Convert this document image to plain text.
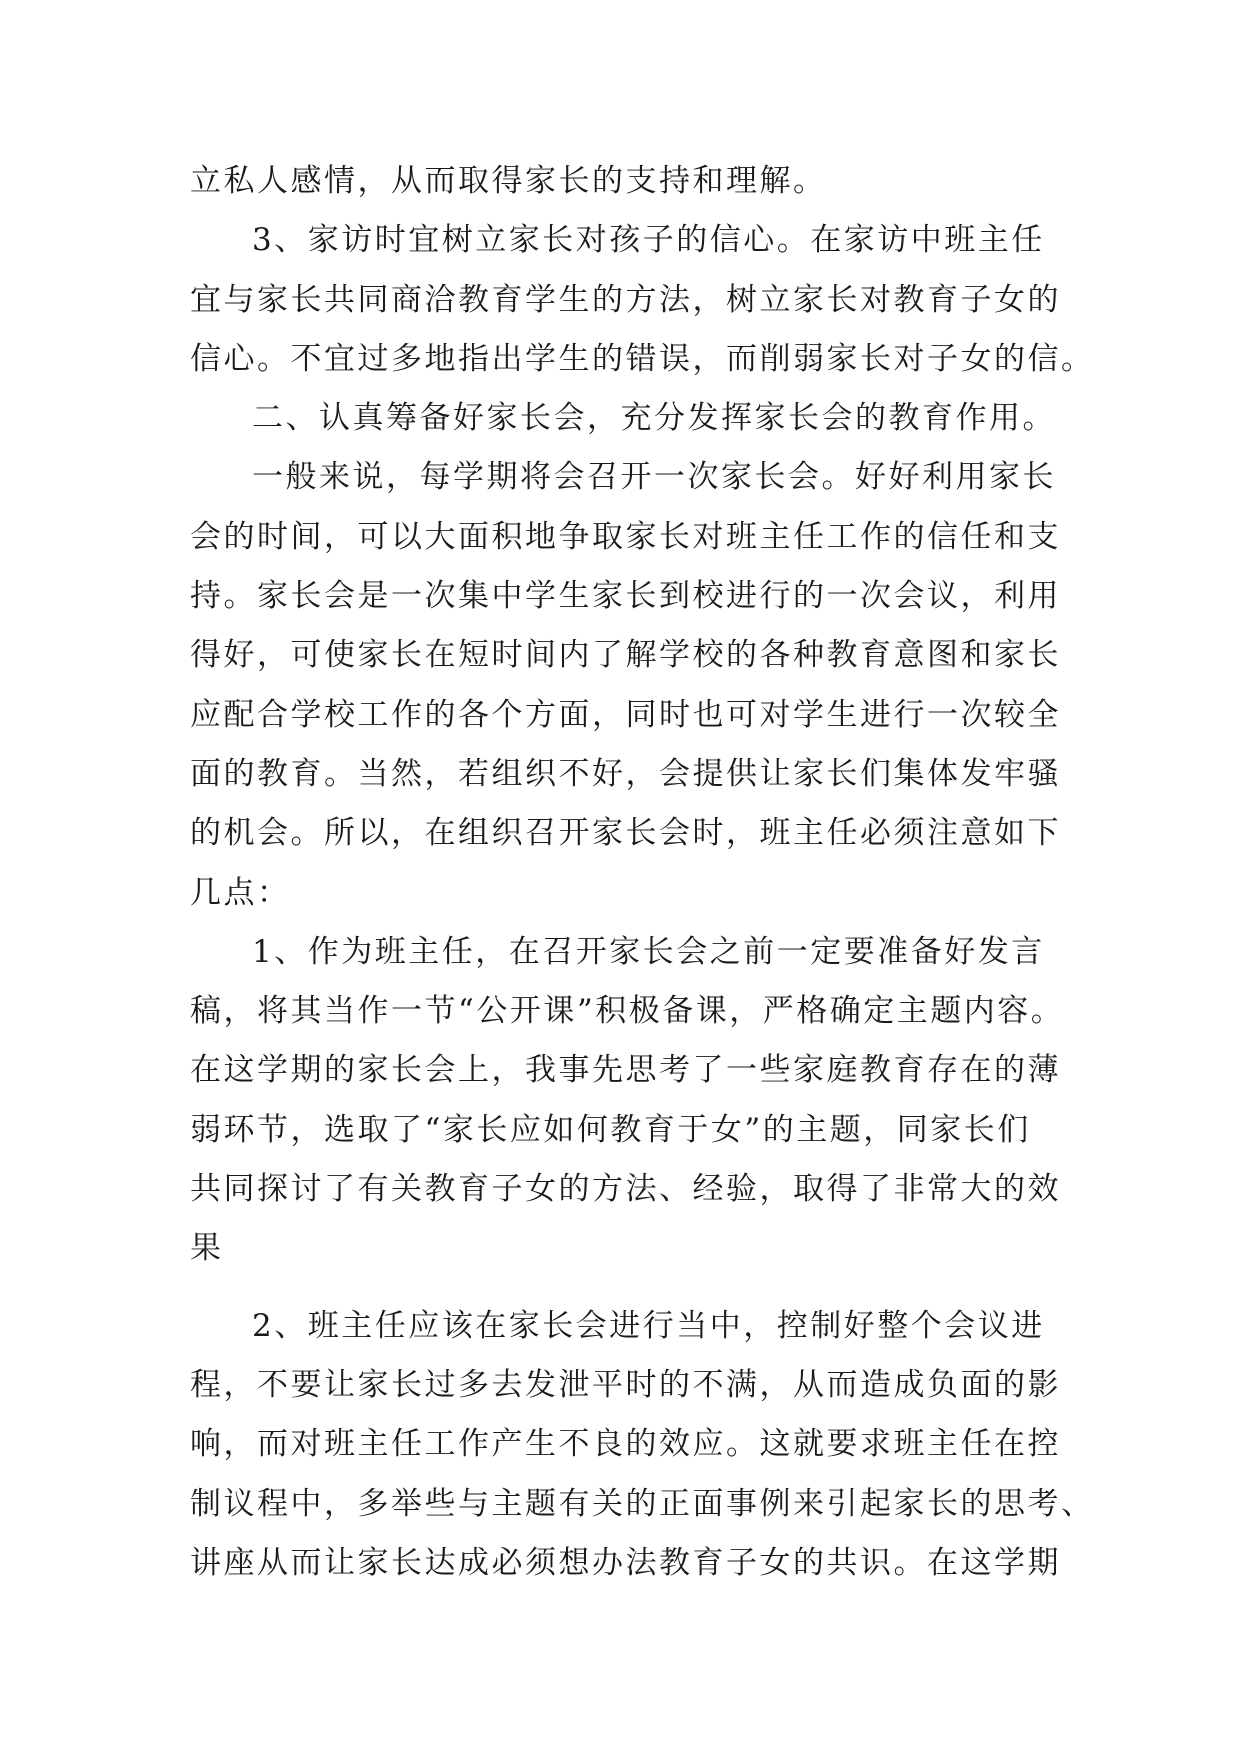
立私人感情，从而取得家长的支持和理解。
3、家访时宜树立家长对孩子的信心。在家访中班主任
宜与家长共同商洽教育学生的方法，树立家长对教育子女的
信心。不宜过多地指出学生的错误，而削弱家长对子女的信。
二、认真筹备好家长会，充分发挥家长会的教育作用。
一般来说，每学期将会召开一次家长会。好好利用家长
会的时间，可以大面积地争取家长对班主任工作的信任和支
持。家长会是一次集中学生家长到校进行的一次会议，利用
得好，可使家长在短时间内了解学校的各种教育意图和家长
应配合学校工作的各个方面，同时也可对学生进行一次较全
面的教育。当然，若组织不好，会提供让家长们集体发牢骚
的机会。所以，在组织召开家长会时，班主任必须注意如下
几点：
1、作为班主任，在召开家长会之前一定要准备好发言
稿，将其当作一节“公开课”积极备课，严格确定主题内容。
在这学期的家长会上，我事先思考了一些家庭教育存在的薄
弱环节，选取了“家长应如何教育于女”的主题，同家长们
共同探讨了有关教育子女的方法、经验，取得了非常大的效
果
2、班主任应该在家长会进行当中，控制好整个会议进
程，不要让家长过多去发泄平时的不满，从而造成负面的影
响，而对班主任工作产生不良的效应。这就要求班主任在控
制议程中，多举些与主题有关的正面事例来引起家长的思考、
讲座从而让家长达成必须想办法教育子女的共识。在这学期
